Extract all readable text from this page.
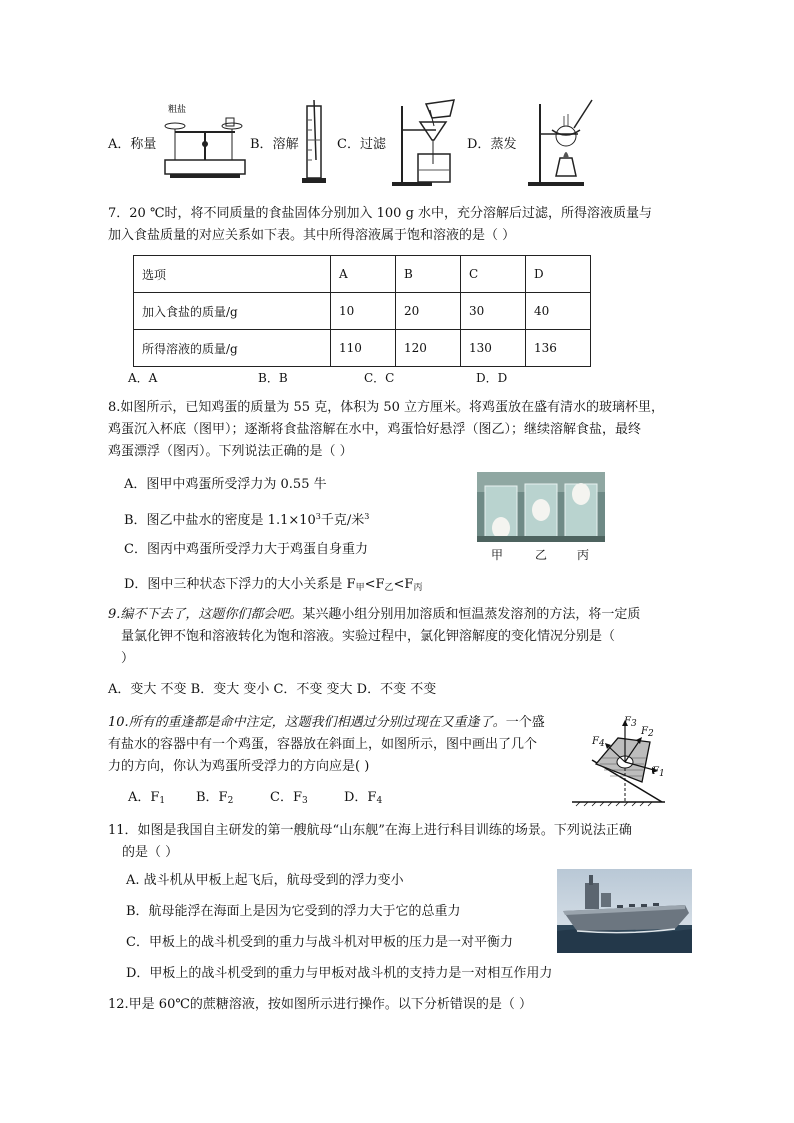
A．称量	B．溶解	C．过滤	D．蒸发
粗盐
7．20 ℃时，将不同质量的食盐固体分别加入 100 g 水中，充分溶解后过滤，所得溶液质量与
加入食盐质量的对应关系如下表。其中所得溶液属于饱和溶液的是（ ）
选项	A	B	C	D
加入食盐的质量/g	10	20	30	40
所得溶液的质量/g	110	120	130	136
A．A	B．B	C．C	D．D
8.如图所示，已知鸡蛋的质量为 55 克，体积为 50 立方厘米。将鸡蛋放在盛有清水的玻璃杯里，
鸡蛋沉入杯底（图甲）；逐渐将食盐溶解在水中，鸡蛋恰好悬浮（图乙）；继续溶解食盐，最终
鸡蛋漂浮（图丙）。下列说法正确的是（ ）
A．图甲中鸡蛋所受浮力为 0.55 牛
B．图乙中盐水的密度是 $1.1\times 10^3$千克/米$^3$
C．图丙中鸡蛋所受浮力大于鸡蛋自身重力
D．图中三种状态下浮力的大小关系是 $F_甲<F_乙<F_丙$
甲	乙 丙
9.编不下去了，这题你们都会吧。某兴趣小组分别用加溶质和恒温蒸发溶剂的方法，将一定质
量氯化钾不饱和溶液转化为饱和溶液。实验过程中，氯化钾溶解度的变化情况分别是（
）
A．变大 不变 B．变大 变小 C．不变 变大 D．不变 不变
10.所有的重逢都是命中注定，这题我们相遇过分别过现在又重逢了。一个盛
有盐水的容器中有一个鸡蛋，容器放在斜面上，如图所示，图中画出了几个
力的方向，你认为鸡蛋所受浮力的方向应是( )
A．$F_1$ B．$F_2$	C．$F_3$	D．$F_4$
F3
F2
F4
F1
11．如图是我国自主研发的第一艘航母“山东舰”在海上进行科目训练的场景。下列说法正确
的是（ ）
A. 战斗机从甲板上起飞后，航母受到的浮力变小
B．航母能浮在海面上是因为它受到的浮力大于它的总重力
C．甲板上的战斗机受到的重力与战斗机对甲板的压力是一对平衡力
D．甲板上的战斗机受到的重力与甲板对战斗机的支持力是一对相互作用力
12.甲是 60℃的蔗糖溶液，按如图所示进行操作。以下分析错误的是（ ）
